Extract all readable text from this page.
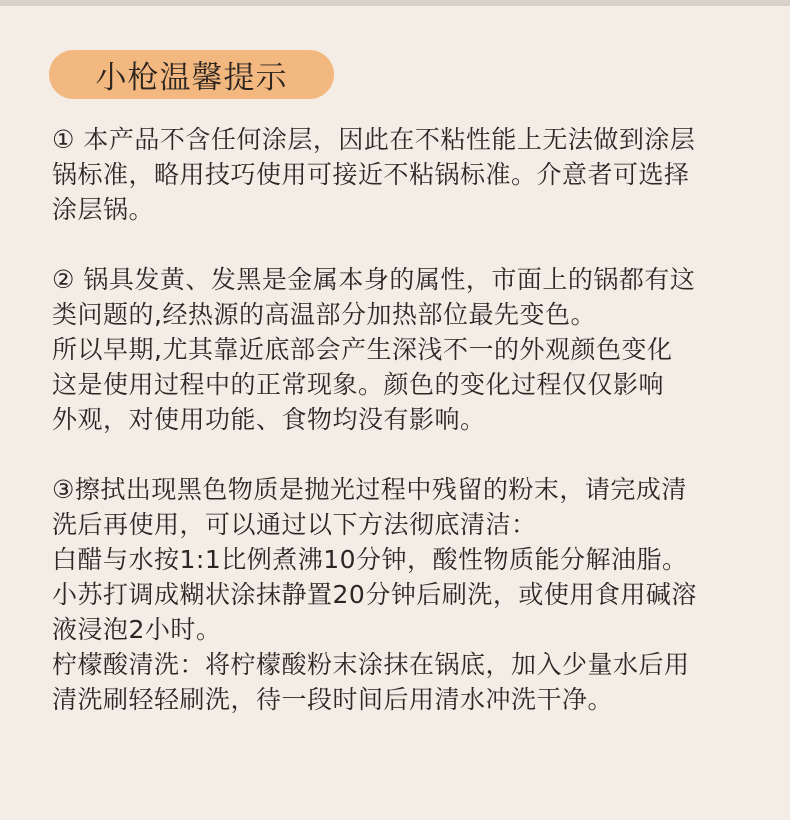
小枪温馨提示
① 本产品不含任何涂层，因此在不粘性能上无法做到涂层
锅标准，略用技巧使用可接近不粘锅标准。介意者可选择
涂层锅。
② 锅具发黄、发黑是金属本身的属性，市面上的锅都有这
类问题的,经热源的高温部分加热部位最先变色。
所以早期,尤其靠近底部会产生深浅不一的外观颜色变化
这是使用过程中的正常现象。颜色的变化过程仅仅影响
外观，对使用功能、食物均没有影响。
③擦拭出现黑色物质是抛光过程中残留的粉末，请完成清
洗后再使用，可以通过以下方法彻底清洁：
白醋与水按1:1比例煮沸10分钟，酸性物质能分解油脂。
小苏打调成糊状涂抹静置20分钟后刷洗，或使用食用碱溶
液浸泡2小时。
柠檬酸清洗：将柠檬酸粉末涂抹在锅底，加入少量水后用
清洗刷轻轻刷洗，待一段时间后用清水冲洗干净。
